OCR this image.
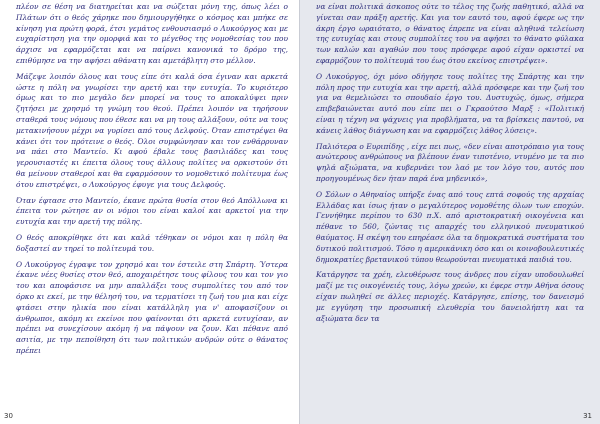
πλέον σε θέση να διατηρείται και να σώζεται μόνη της, όπως λέει ο Πλάτων ότι ο θεός χάρηκε που δημιουργήθηκε ο κόσμος και μπήκε σε κίνηση για πρώτη φορά, έτσι γεμάτος ενθουσιασμό ο Λυκούργος και με ευχαρίστηση για την ομορφιά και το μέγεθος της νομοθεσίας του που άρχισε να εφαρμόζεται και να παίρνει κανονικά το δρόμο της, επιθύμησε να την αφήσει αθάνατη και αμετάβλητη στο μέλλον.

Μάζεψε λοιπόν όλους και τους είπε ότι καλά όσα έγιναν και αρκετά ώστε η πόλη να γνωρίσει την αρετή και την ευτυχία. Το κυριότερο όμως και το πιο μεγάλο δεν μπορεί να τους το αποκαλύψει πριν ζητήσει με χρησμό τη γνώμη του θεού. Πρέπει λοιπόν να τηρήσουν σταθερά τους νόμους που έθεσε και να μη τους αλλάξουν, ούτε να τους μετακινήσουν μέχρι να γυρίσει από τους Δελφούς. Όταν επιστρέψει θα κάνει ότι τον πρότεινε ο θεός. Όλοι συμφώνησαν και τον ενθάρρυναν να πάει στο Μαντείο. Κι αφού έβαλε τους βασιλιάδες και τους γερουσιαστές κι έπειτα όλους τους άλλους πολίτες να ορκιστούν ότι θα μείνουν σταθεροί και θα εφαρμόσουν το νομοθετικό πολίτευμα έως ότου επιστρέψει, ο Λυκούργος έφυγε για τους Δελφούς.

Όταν έφτασε στο Μαντείο, έκανε πρώτα θυσία στον θεό Απόλλωνα κι έπειτα τον ρώτησε αν οι νόμοι του είναι καλοί και αρκετοί για την ευτυχία και την αρετή της πόλης.

Ο θεός αποκρίθηκε ότι και καλά τέθηκαν οι νόμοι και η πόλη θα δοξαστεί αν τηρεί το πολίτευμά του.

Ο Λυκούργος έγραψε τον χρησμό και τον έστειλε στη Σπάρτη. Ύστερα έκανε νέες θυσίες στον θεό, αποχαιρέτησε τους φίλους του και τον γιο του και αποφάσισε να μην απαλλάξει τους συμπολίτες του από τον όρκο κι εκεί, με την θέλησή του, να τερματίσει τη ζωή του μια και είχε φτάσει στην ηλικία που είναι κατάλληλη για ν' αποφασίζουν οι άνθρωποι, ακόμη κι εκείνοι που φαίνονται ότι αρκετά ευτυχίσαν, αν πρέπει να συνεχίσουν ακόμη ή να πάψουν να ζουν. Και πέθανε από ασιτία, με την πεποίθηση ότι των πολιτικών ανδρών ούτε ο θάνατος πρέπει

30

να είναι πολιτικά άσκοπος ούτε το τέλος της ζωής παθητικό, αλλά να γίνεται σαν πράξη αρετής. Και για τον εαυτό του, αφού έφερε ως την άκρη έργο ωραιότατο, ο θάνατος έπρεπε να είναι αληθινά τελείωση της ευτυχίας και στους συμπολίτες του να αφήσει το θάνατο φύλακα των καλών και αγαθών που τους πρόσφερε αφού είχαν ορκιστεί να εφαρμόζουν το πολίτευμά του έως ότου εκείνος επιστρέψει».

Ο Λυκούργος, όχι μόνο οδήγησε τους πολίτες της Σπάρτης και την πόλη προς την ευτυχία και την αρετή, αλλά πρόσφερε και την ζωή του για να θεμελιώσει το σπουδαίο έργο του. Δυστυχώς, όμως, σήμερα επιβεβαιώνεται αυτό που είπε πει ο Γκραούτσο Μαρξ : «Πολιτική είναι η τέχνη να ψάχνεις για προβλήματα, να τα βρίσκεις παντού, να κάνεις λάθος διάγνωση και να εφαρμόζεις λάθος λύσεις».

Παλιότερα ο Ευριπίδης , είχε πει πως, «δεν είναι αποτρόπαιο για τους ανώτερους ανθρώπους να βλέπουν έναν τιποτένιο, ντυμένο με τα πιο ψηλά αξιώματα, να κυβερνάει τον λαό με τον λόγο του, αυτός που προηγουμένως δεν ήταν παρά ένα μηδενικό»,

Ο Σόλων ο Αθηναίος υπήρξε ένας από τους επτά σοφούς της αρχαίας Ελλάδας και ίσως ήταν ο μεγαλύτερος νομοθέτης όλων των εποχών. Γεννήθηκε περίπου το 630 π.Χ. από αριστοκρατική οικογένεια και πέθανε το 560, ζώντας τις απαρχές του ελληνικού πνευματικού θαύματος. Η σκέψη του επηρέασε όλα τα δημοκρατικά συστήματα του δυτικού πολιτισμού. Τόσο η αμερικάνικη όσο και οι κοινοβουλευτικές δημοκρατίες βρετανικού τύπου θεωρούνται πνευματικά παιδιά του.

Κατάργησε τα χρέη, ελευθέρωσε τους άνδρες που είχαν υποδουλωθεί μαζί με τις οικογένειές τους, λόγω χρεών, κι έφερε στην Αθήνα όσους είχαν πωληθεί σε άλλες περιοχές. Κατάργησε, επίσης, τον δανεισμό με εγγύηση την προσωπική ελευθερία του δανειολήπτη και τα αξιώματα δεν τα

31
